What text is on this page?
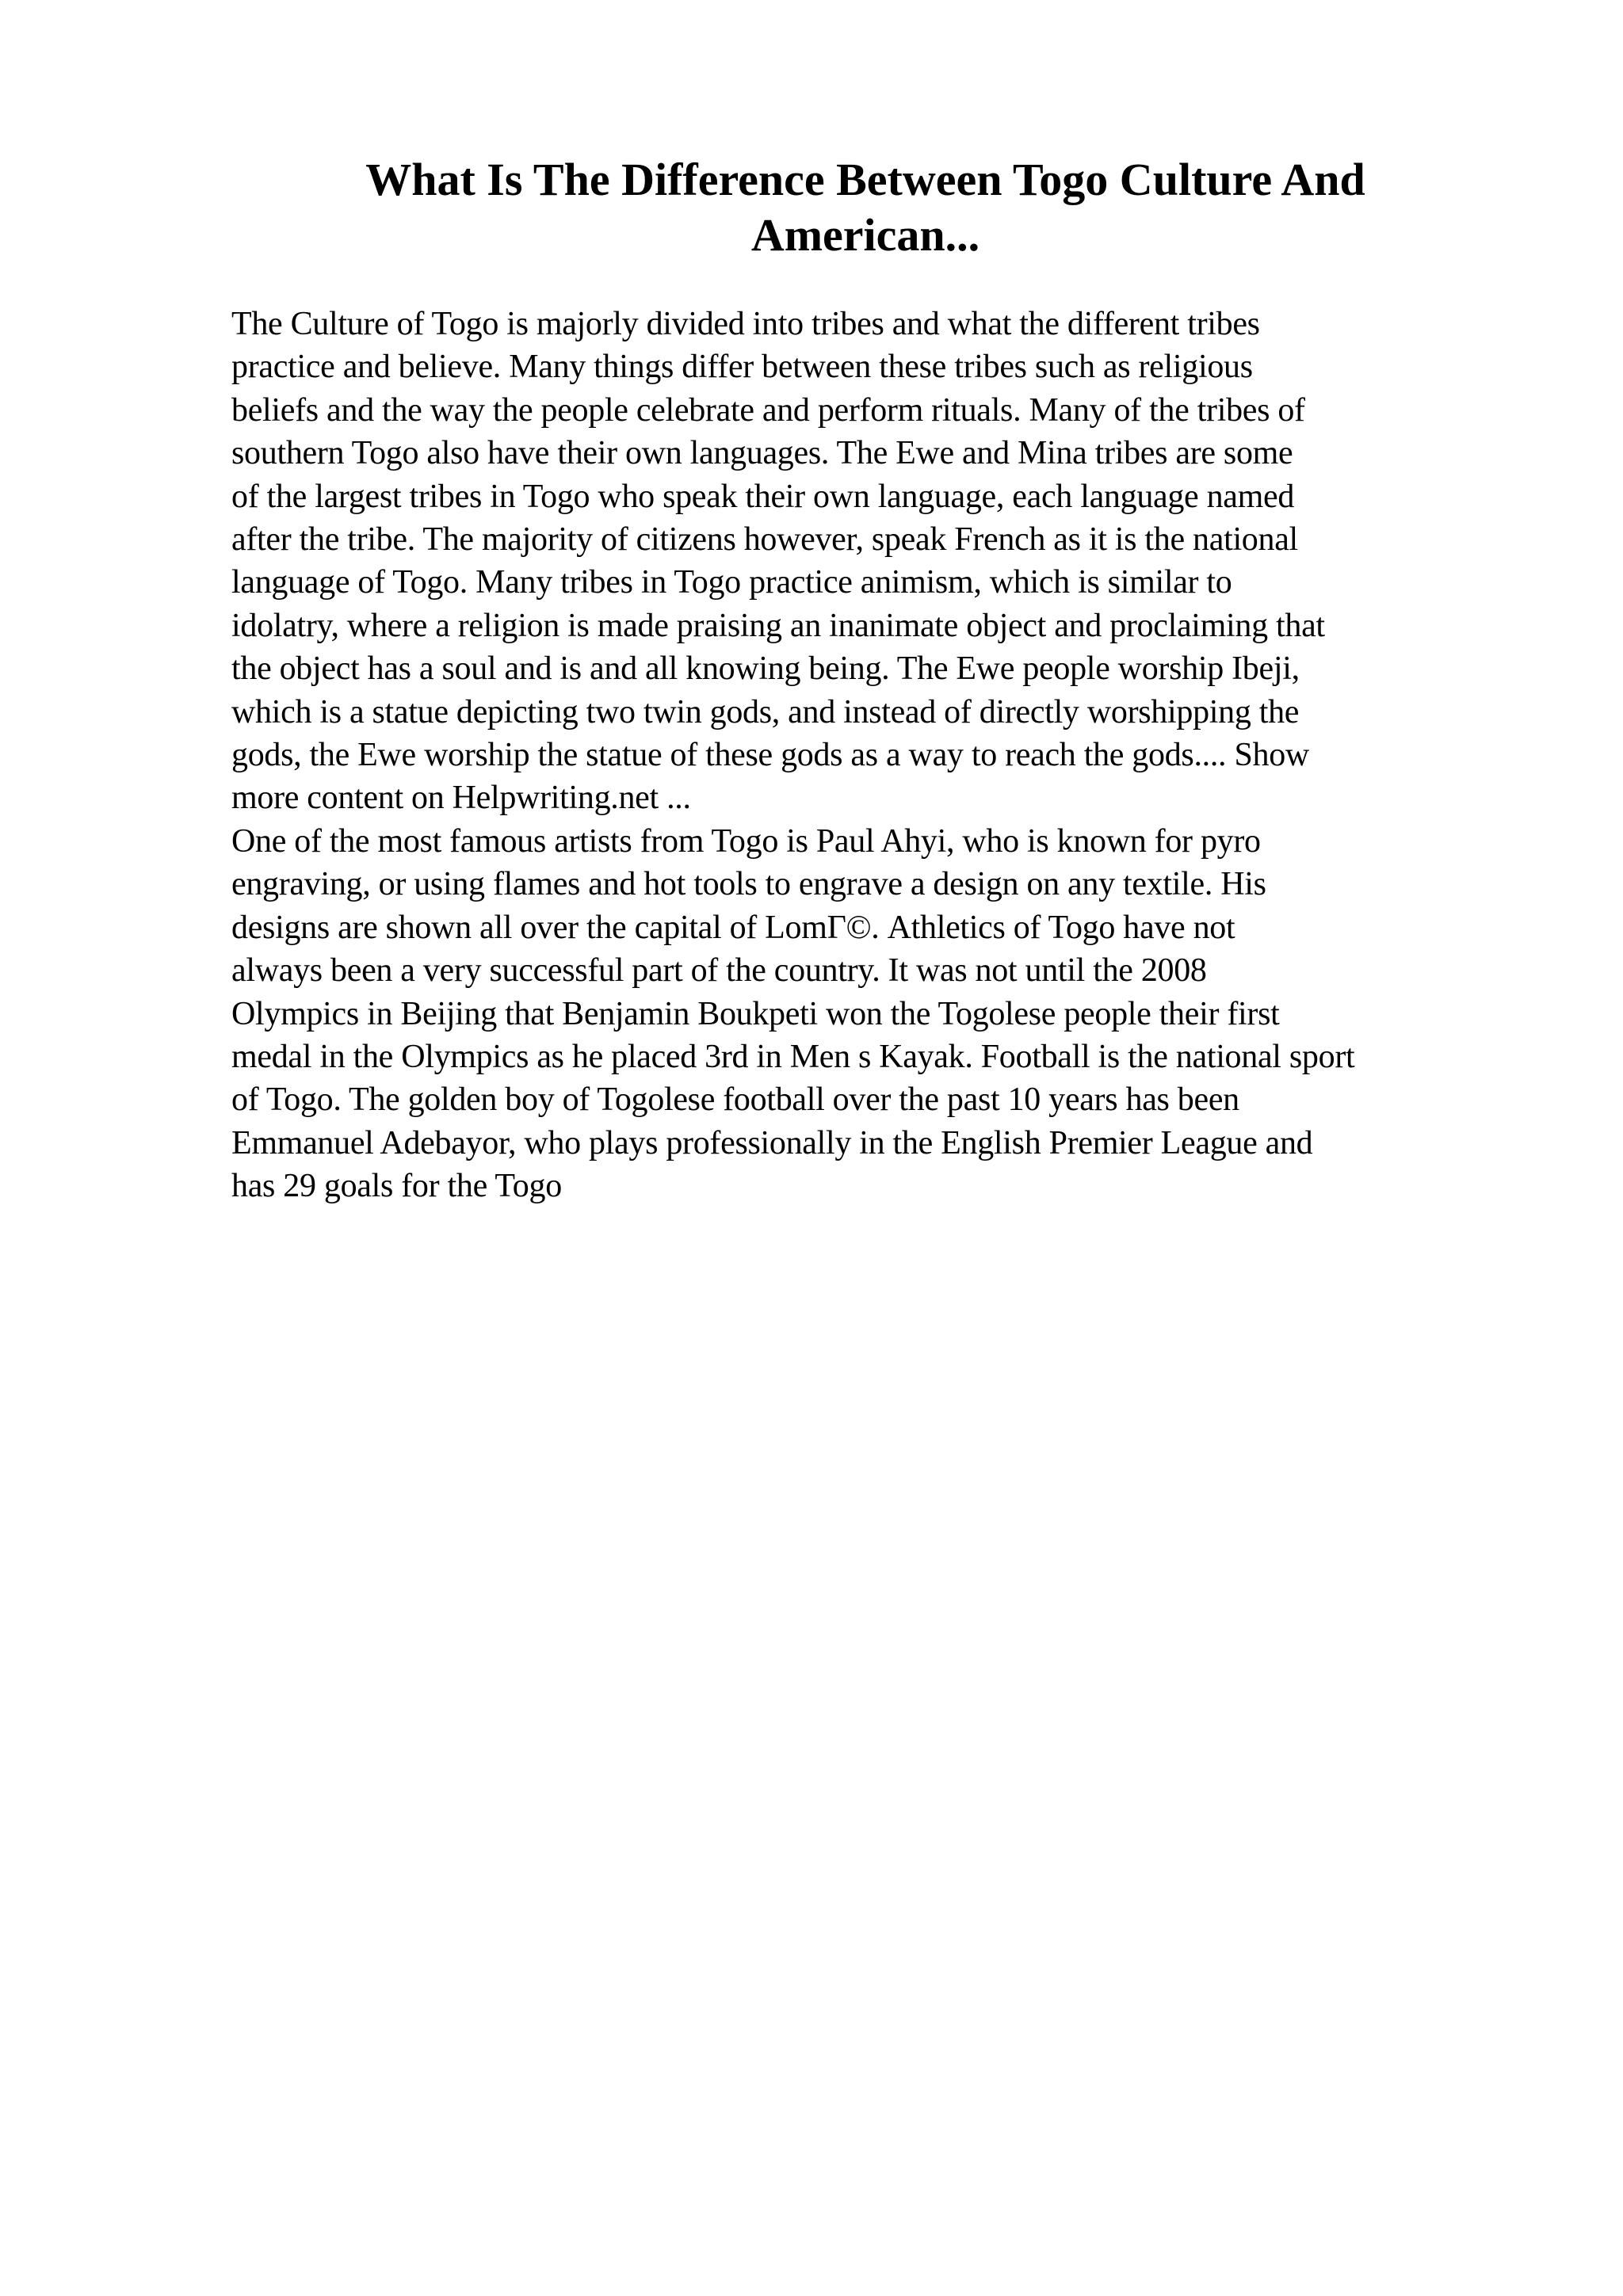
What Is The Difference Between Togo Culture And
American...
The Culture of Togo is majorly divided into tribes and what the different tribes
practice and believe. Many things differ between these tribes such as religious
beliefs and the way the people celebrate and perform rituals. Many of the tribes of
southern Togo also have their own languages. The Ewe and Mina tribes are some
of the largest tribes in Togo who speak their own language, each language named
after the tribe. The majority of citizens however, speak French as it is the national
language of Togo. Many tribes in Togo practice animism, which is similar to
idolatry, where a religion is made praising an inanimate object and proclaiming that
the object has a soul and is and all knowing being. The Ewe people worship Ibeji,
which is a statue depicting two twin gods, and instead of directly worshipping the
gods, the Ewe worship the statue of these gods as a way to reach the gods.... Show
more content on Helpwriting.net ...
One of the most famous artists from Togo is Paul Ahyi, who is known for pyro
engraving, or using flames and hot tools to engrave a design on any textile. His
designs are shown all over the capital of LomГ©. Athletics of Togo have not
always been a very successful part of the country. It was not until the 2008
Olympics in Beijing that Benjamin Boukpeti won the Togolese people their first
medal in the Olympics as he placed 3rd in Men s Kayak. Football is the national sport
of Togo. The golden boy of Togolese football over the past 10 years has been
Emmanuel Adebayor, who plays professionally in the English Premier League and
has 29 goals for the Togo
